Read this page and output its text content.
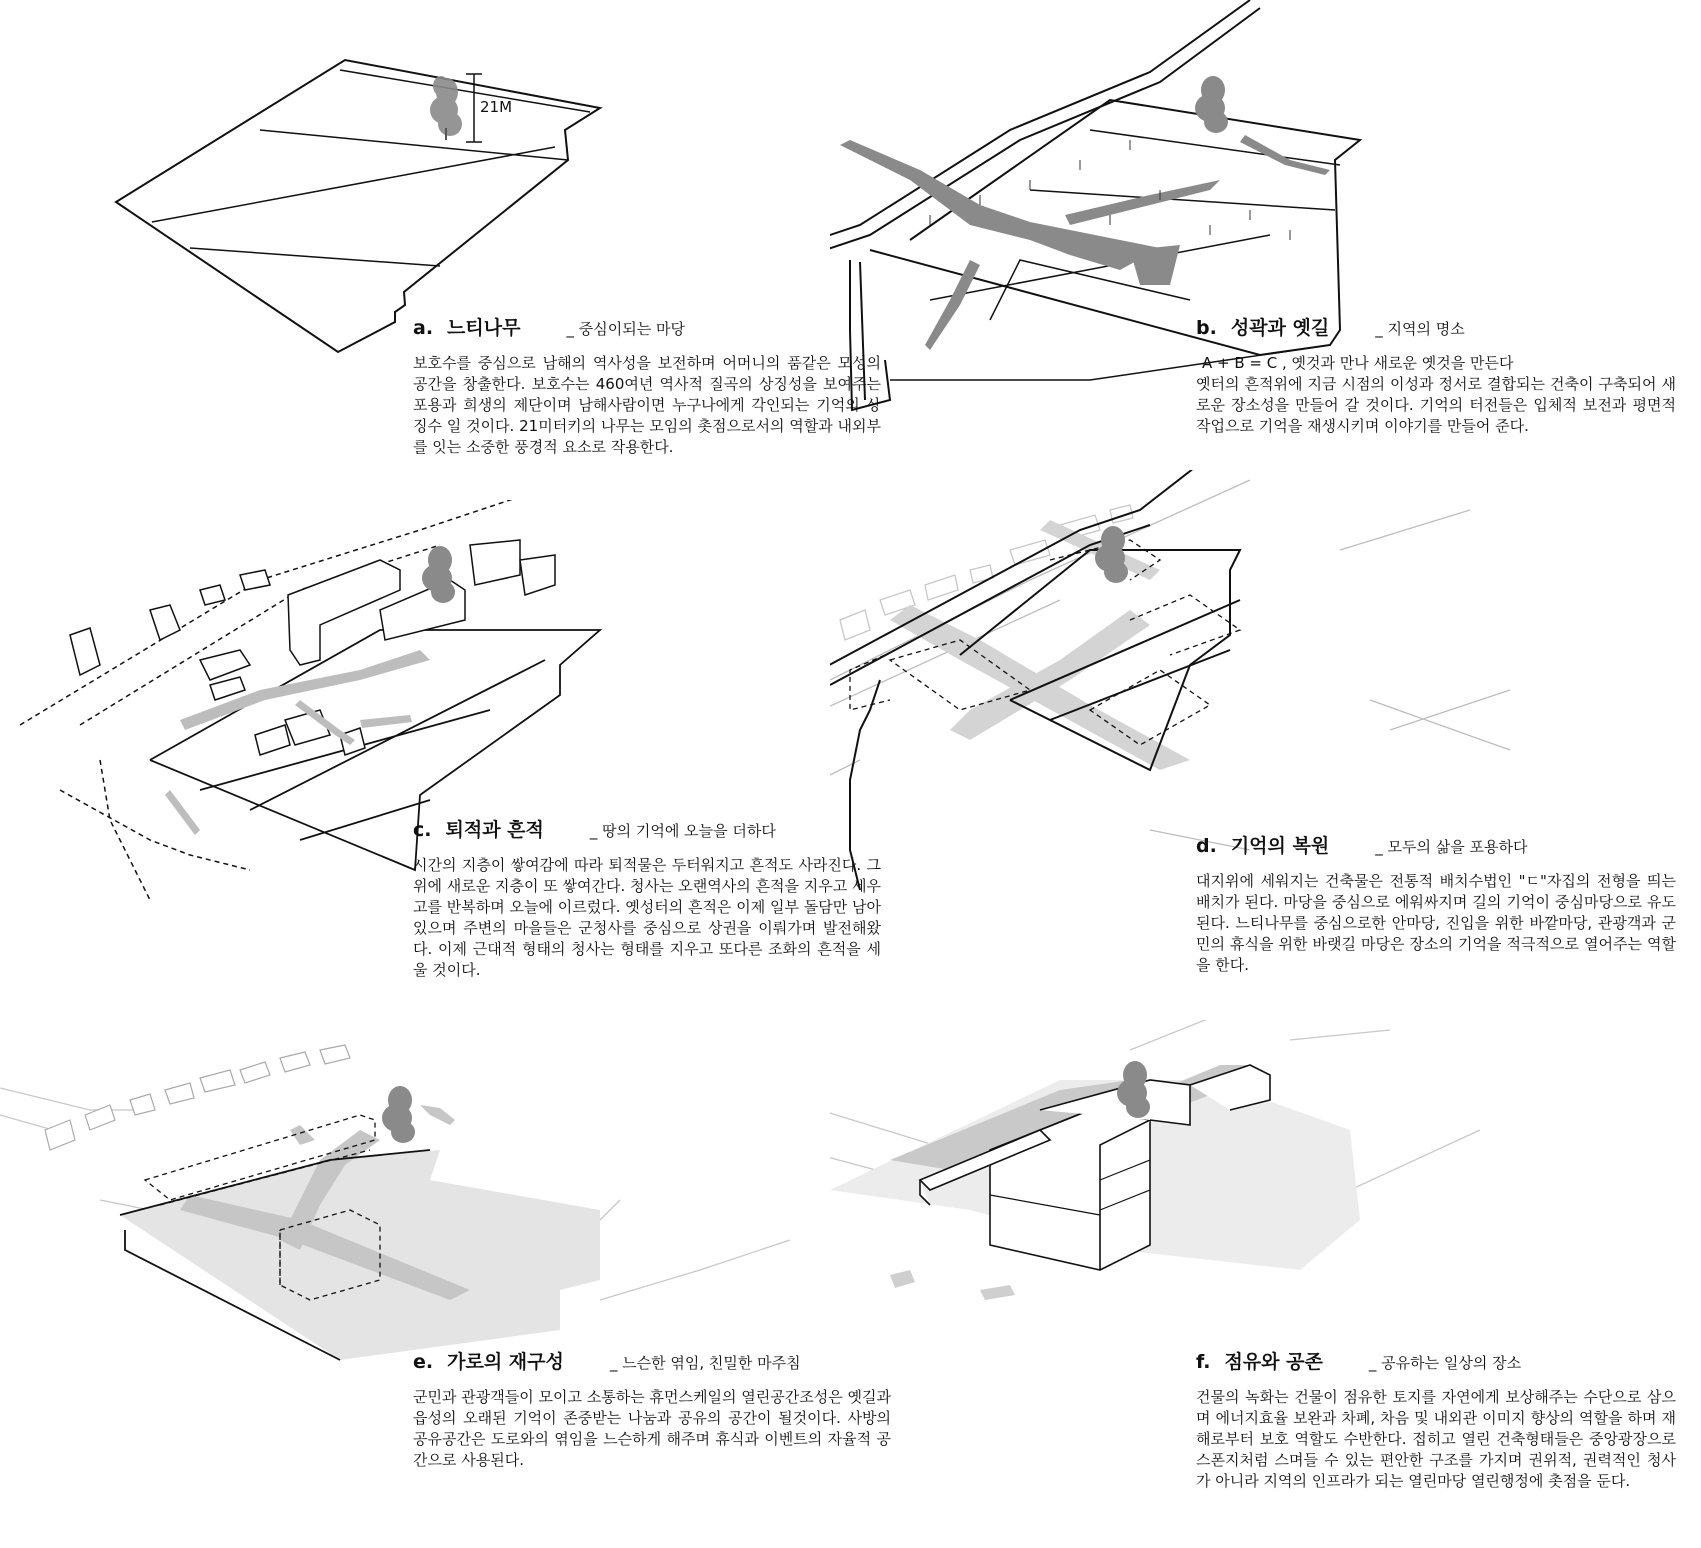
21M
a. 느티나무	_ 중심이되는 마당

보호수를 중심으로 남해의 역사성을 보전하며 어머니의 품같은 모성의 공간을 창출한다. 보호수는 460여년 역사적 질곡의 상징성을 보여주는 포용과 희생의 제단이며 남해사람이면 누구나에게 각인되는 기억의 상징수 일 것이다. 21미터키의 나무는 모임의 촛점으로서의 역할과 내외부를 잇는 소중한 풍경적 요소로 작용한다.

b. 성곽과 옛길	_ 지역의 명소

A + B = C , 옛것과 만나 새로운 옛것을 만든다

옛터의 흔적위에 지금 시점의 이성과 정서로 결합되는 건축이 구축되어 새로운 장소성을 만들어 갈 것이다. 기억의 터전들은 입체적 보전과 평면적 작업으로 기억을 재생시키며 이야기를 만들어 준다.

c. 퇴적과 흔적	_ 땅의 기억에 오늘을 더하다

시간의 지층이 쌓여감에 따라 퇴적물은 두터워지고 흔적도 사라진다. 그 위에 새로운 지층이 또 쌓여간다. 청사는 오랜역사의 흔적을 지우고 세우고를 반복하며 오늘에 이르렀다. 옛성터의 흔적은 이제 일부 돌담만 남아있으며 주변의 마을들은 군청사를 중심으로 상권을 이뤄가며 발전해왔다. 이제 근대적 형태의 청사는 형태를 지우고 또다른 조화의 흔적을 세울 것이다.

d. 기억의 복원	_ 모두의 삶을 포용하다

대지위에 세워지는 건축물은 전통적 배치수법인 "ㄷ"자집의 전형을 띄는 배치가 된다. 마당을 중심으로 에워싸지며 길의 기억이 중심마당으로 유도된다. 느티나무를 중심으로한 안마당, 진입을 위한 바깥마당, 관광객과 군민의 휴식을 위한 바랫길 마당은 장소의 기억을 적극적으로 열어주는 역할을 한다.

e. 가로의 재구성	_ 느슨한 엮임, 친밀한 마주침

군민과 관광객들이 모이고 소통하는 휴먼스케일의 열린공간조성은 옛길과 읍성의 오래된 기억이 존중받는 나눔과 공유의 공간이 될것이다. 사방의 공유공간은 도로와의 엮임을 느슨하게 해주며 휴식과 이벤트의 자율적 공간으로 사용된다.

f. 점유와 공존	_ 공유하는 일상의 장소

건물의 녹화는 건물이 점유한 토지를 자연에게 보상해주는 수단으로 삼으며 에너지효율 보완과 차폐, 차음 및 내외관 이미지 향상의 역할을 하며 재해로부터 보호 역할도 수반한다. 접히고 열린 건축형태들은 중앙광장으로 스폰지처럼 스며들 수 있는 편안한 구조를 가지며 권위적, 권력적인 청사가 아니라 지역의 인프라가 되는 열린마당 열린행정에 촛점을 둔다.
